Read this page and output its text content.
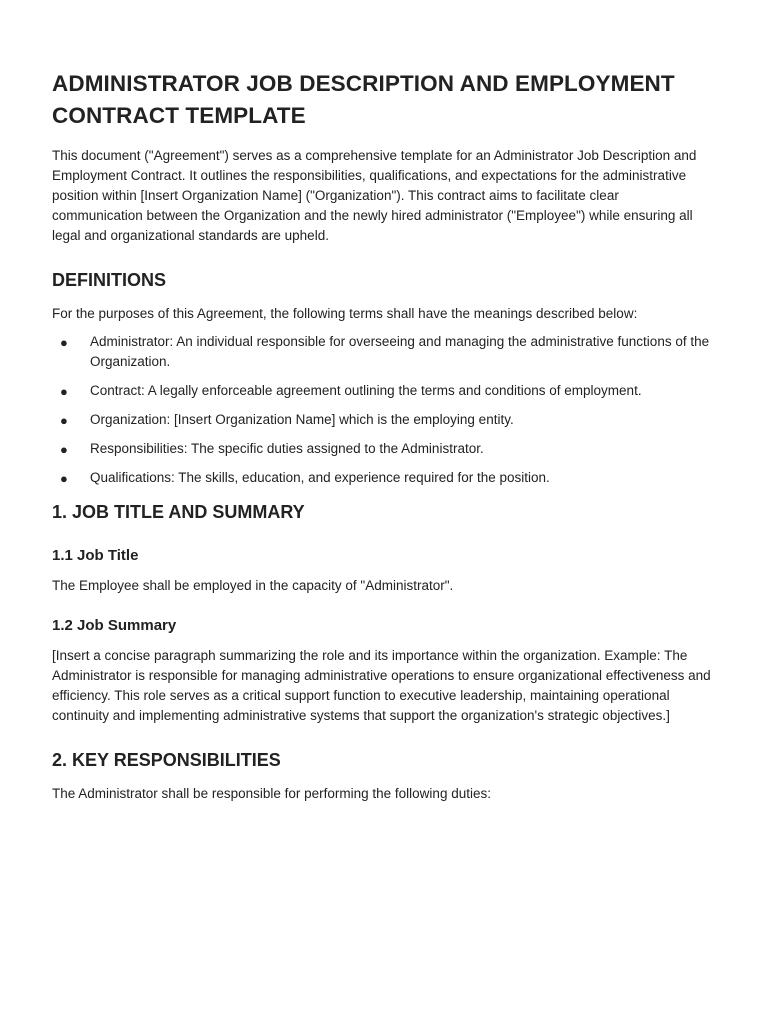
ADMINISTRATOR JOB DESCRIPTION AND EMPLOYMENT CONTRACT TEMPLATE

This document ("Agreement") serves as a comprehensive template for an Administrator Job Description and Employment Contract. It outlines the responsibilities, qualifications, and expectations for the administrative position within [Insert Organization Name] ("Organization"). This contract aims to facilitate clear communication between the Organization and the newly hired administrator ("Employee") while ensuring all legal and organizational standards are upheld.

DEFINITIONS

For the purposes of this Agreement, the following terms shall have the meanings described below:

● Administrator: An individual responsible for overseeing and managing the administrative functions of the Organization.
● Contract: A legally enforceable agreement outlining the terms and conditions of employment.
● Organization: [Insert Organization Name] which is the employing entity.
● Responsibilities: The specific duties assigned to the Administrator.
● Qualifications: The skills, education, and experience required for the position.
1. JOB TITLE AND SUMMARY
1.1 Job Title

The Employee shall be employed in the capacity of "Administrator".

1.2 Job Summary

[Insert a concise paragraph summarizing the role and its importance within the organization. Example: The Administrator is responsible for managing administrative operations to ensure organizational effectiveness and efficiency. This role serves as a critical support function to executive leadership, maintaining operational continuity and implementing administrative systems that support the organization's strategic objectives.]

2. KEY RESPONSIBILITIES

The Administrator shall be responsible for performing the following duties:
